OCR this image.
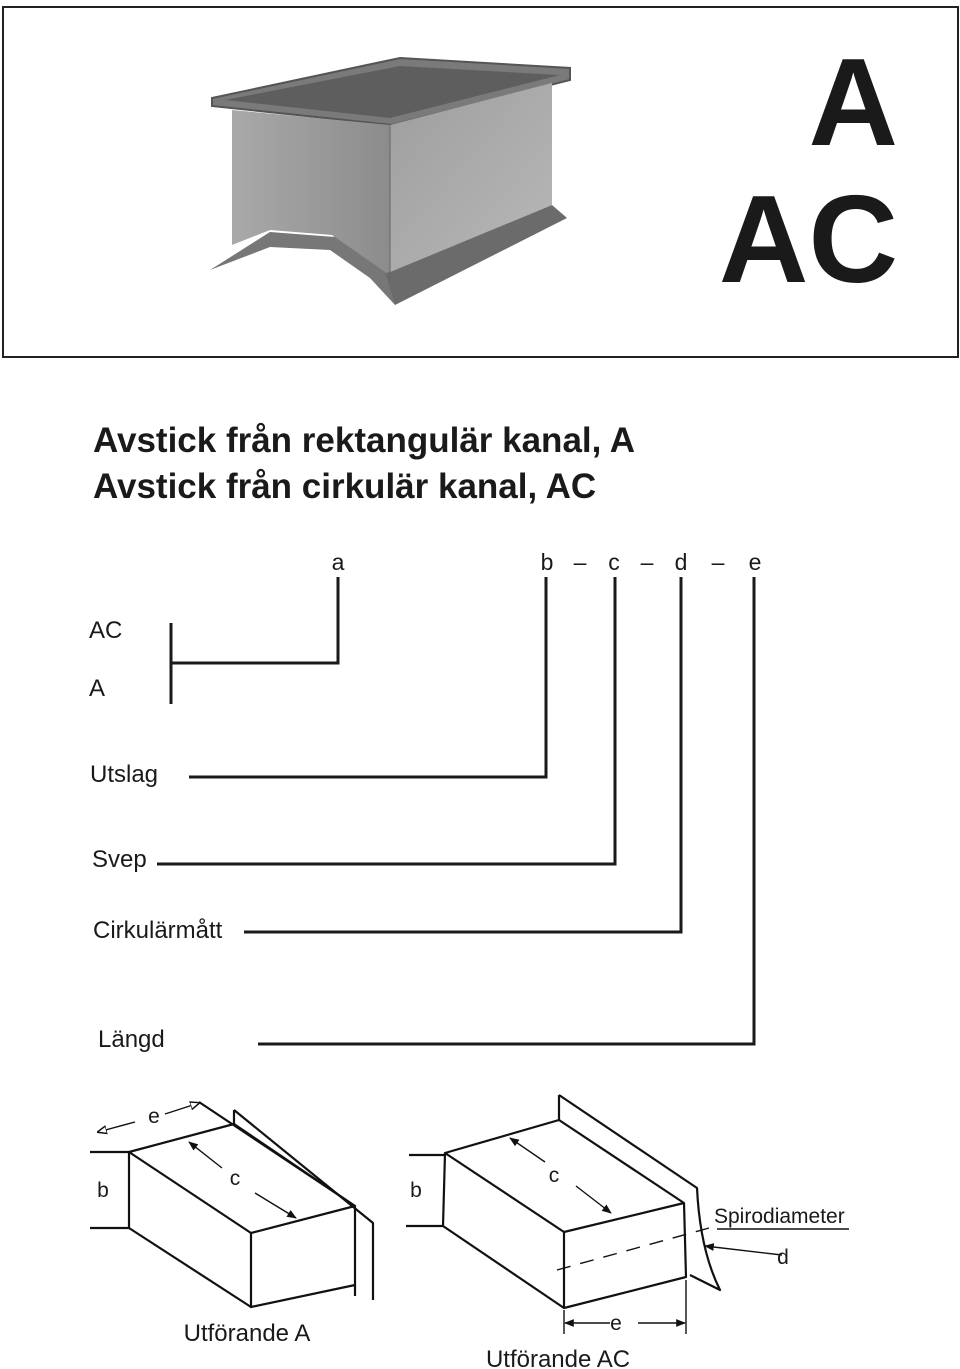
A
AC
Avstick från rektangulär kanal, A
Avstick från cirkulär kanal, AC
a	b – c – d – e
AC
A
Utslag
Svep
Cirkulärmått
Längd
e
c
b
Utförande A
c
b
e
d
Spirodiameter
Utförande AC
